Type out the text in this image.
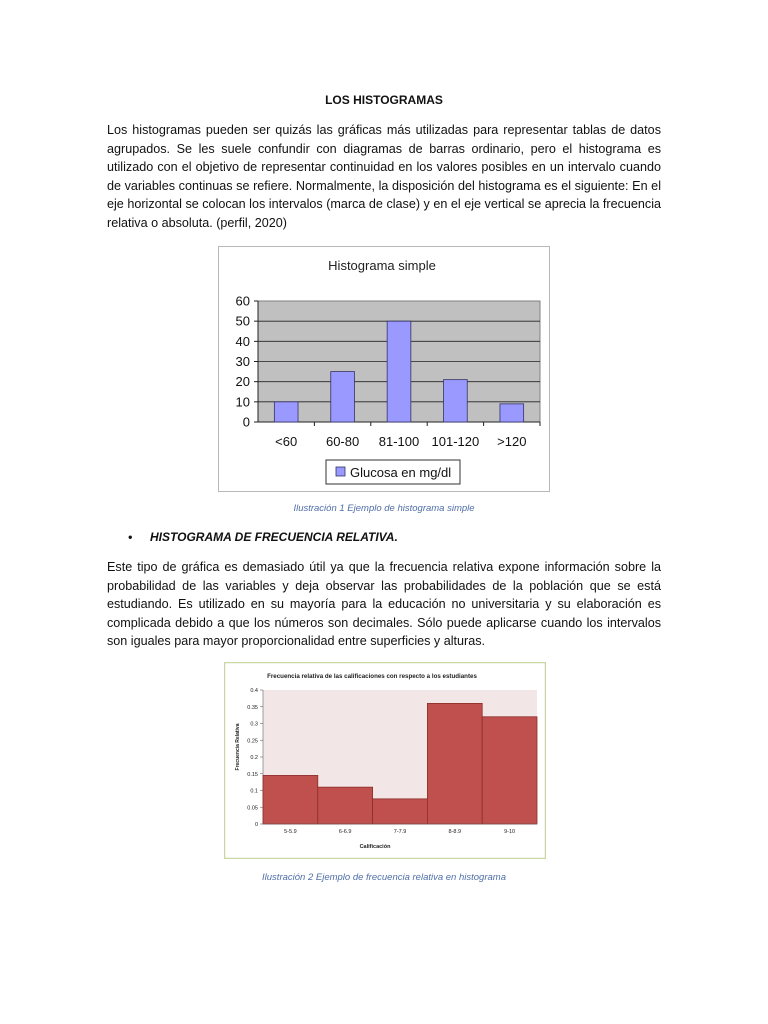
LOS HISTOGRAMAS
Los histogramas pueden ser quizás las gráficas más utilizadas para representar tablas de datos agrupados. Se les suele confundir con diagramas de barras ordinario, pero el histograma es utilizado con el objetivo de representar continuidad en los valores posibles en un intervalo cuando de variables continuas se refiere. Normalmente, la disposición del histograma es el siguiente: En el eje horizontal se colocan los intervalos (marca de clase) y en el eje vertical se aprecia la frecuencia relativa o absoluta. (perfil, 2020)
Histograma simple
0
10
20
30
40
50
60
<60 60-80 81-100 101-120 >120
Glucosa en mg/dl
Ilustración 1 Ejemplo de histograma simple
• HISTOGRAMA DE FRECUENCIA RELATIVA.
Este tipo de gráfica es demasiado útil ya que la frecuencia relativa expone información sobre la probabilidad de las variables y deja observar las probabilidades de la población que se está estudiando. Es utilizado en su mayoría para la educación no universitaria y su elaboración es complicada debido a que los números son decimales. Sólo puede aplicarse cuando los intervalos son iguales para mayor proporcionalidad entre superficies y alturas.
Frecuencia relativa de las calificaciones con respecto a los estudiantes
0
0.05
0.1
0.15
0.2
0.25
0.3
0.35
0.4
5-5.9	6-6.9	7-7.9	8-8.9	9-10
Calificación
Frecuencia Relativa
Ilustración 2 Ejemplo de frecuencia relativa en histograma
